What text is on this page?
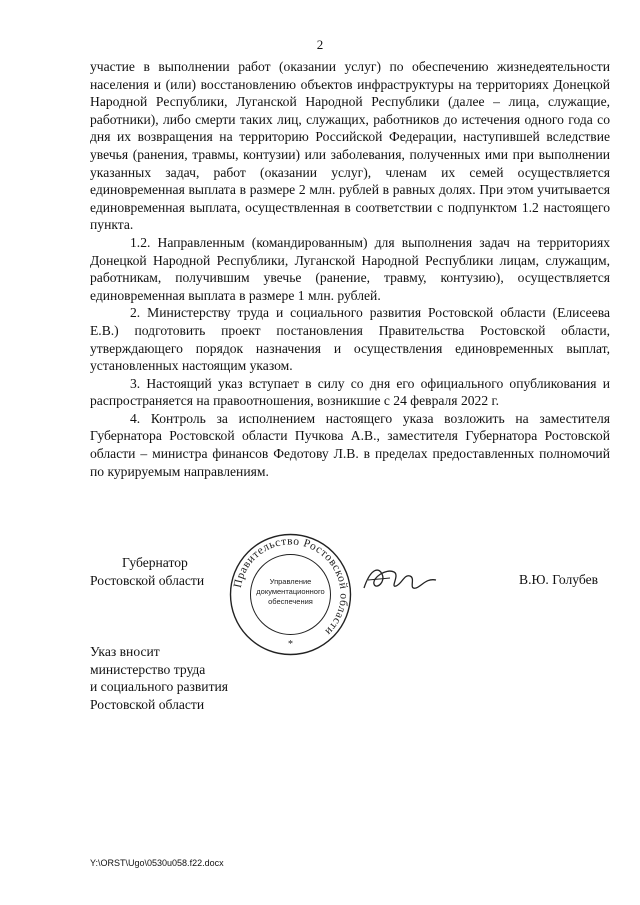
2

участие в выполнении работ (оказании услуг) по обеспечению жизнедеятельности населения и (или) восстановлению объектов инфраструктуры на территориях Донецкой Народной Республики, Луганской Народной Республики (далее – лица, служащие, работники), либо смерти таких лиц, служащих, работников до истечения одного года со дня их возвращения на территорию Российской Федерации, наступившей вследствие увечья (ранения, травмы, контузии) или заболевания, полученных ими при выполнении указанных задач, работ (оказании услуг), членам их семей осуществляется единовременная выплата в размере 2 млн. рублей в равных долях. При этом учитывается единовременная выплата, осуществленная в соответствии с подпунктом 1.2 настоящего пункта.

1.2. Направленным (командированным) для выполнения задач на территориях Донецкой Народной Республики, Луганской Народной Республики лицам, служащим, работникам, получившим увечье (ранение, травму, контузию), осуществляется единовременная выплата в размере 1 млн. рублей.

2. Министерству труда и социального развития Ростовской области (Елисеева Е.В.) подготовить проект постановления Правительства Ростовской области, утверждающего порядок назначения и осуществления единовременных выплат, установленных настоящим указом.

3. Настоящий указ вступает в силу со дня его официального опубликования и распространяется на правоотношения, возникшие с 24 февраля 2022 г.

4. Контроль за исполнением настоящего указа возложить на заместителя Губернатора Ростовской области Пучкова А.В., заместителя Губернатора Ростовской области – министра финансов Федотову Л.В. в пределах предоставленных полномочий по курируемым направлениям.

Губернатор
Ростовской области Правительство Ростовской области
Управление
документационного
обеспечения
*
В.Ю. Голубев
Указ вносит
министерство труда
и социального развития
Ростовской области
Y:\ORST\Ugo\0530u058.f22.docx
